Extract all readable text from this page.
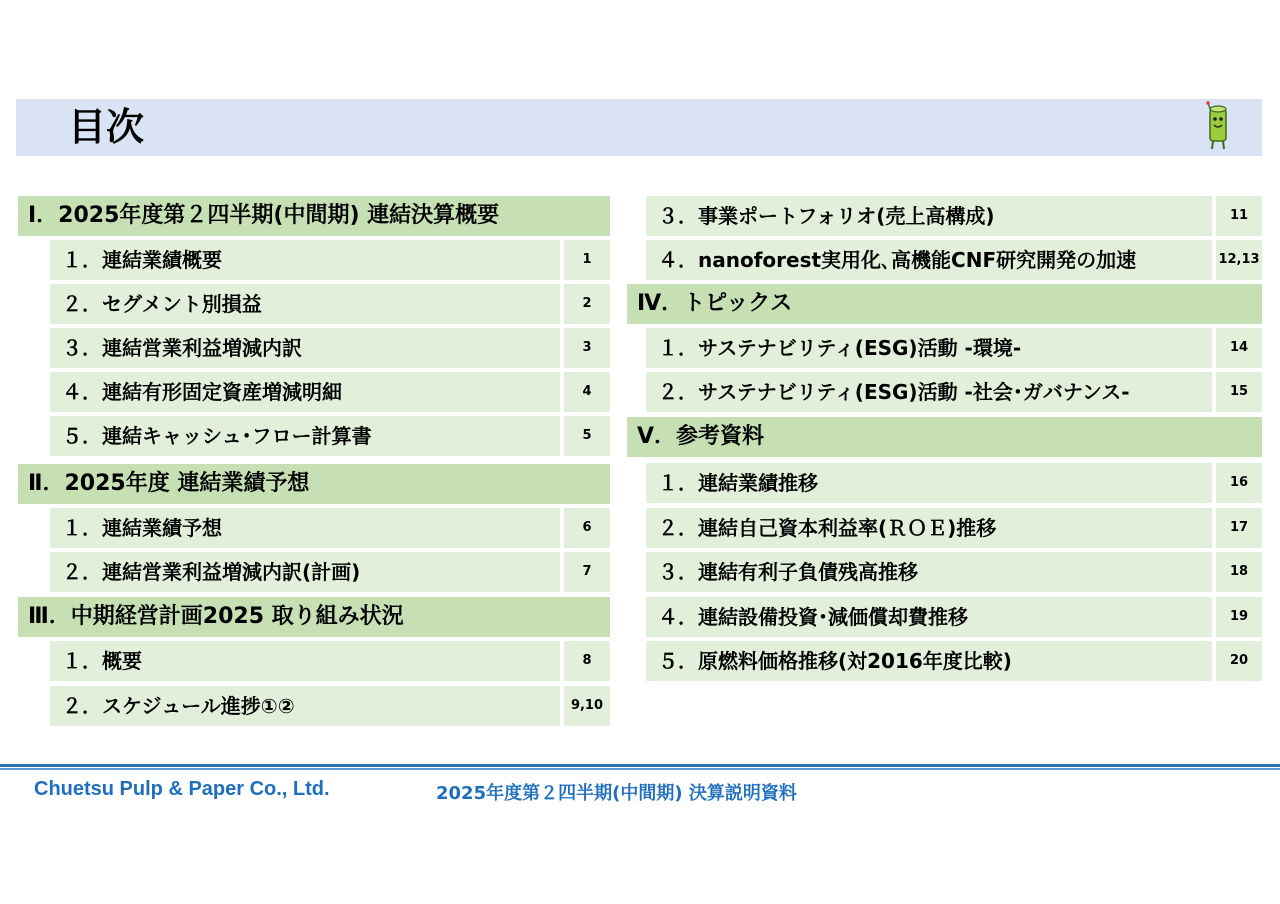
目次
Ⅰ．2025年度第２四半期(中間期) 連結決算概要
１．連結業績概要	1
２．セグメント別損益	2
３．連結営業利益増減内訳	3
４．連結有形固定資産増減明細	4
５．連結キャッシュ･フロー計算書	5
Ⅱ．2025年度 連結業績予想
１．連結業績予想	6
２．連結営業利益増減内訳(計画)	7
Ⅲ．中期経営計画2025 取り組み状況
１．概要	8
２．スケジュール進捗①②	9,10
３．事業ポートフォリオ(売上高構成)	11
４．nanoforest実用化､高機能CNF研究開発の加速	12,13
Ⅳ．トピックス
１．サステナビリティ(ESG)活動 -環境-	14
２．サステナビリティ(ESG)活動 -社会･ガバナンス-	15
Ⅴ．参考資料
１．連結業績推移	16
２．連結自己資本利益率(ＲＯＥ)推移	17
３．連結有利子負債残高推移	18
４．連結設備投資･減価償却費推移	19
５．原燃料価格推移(対2016年度比較)	20
Chuetsu Pulp & Paper Co., Ltd.	2025年度第２四半期(中間期) 決算説明資料
